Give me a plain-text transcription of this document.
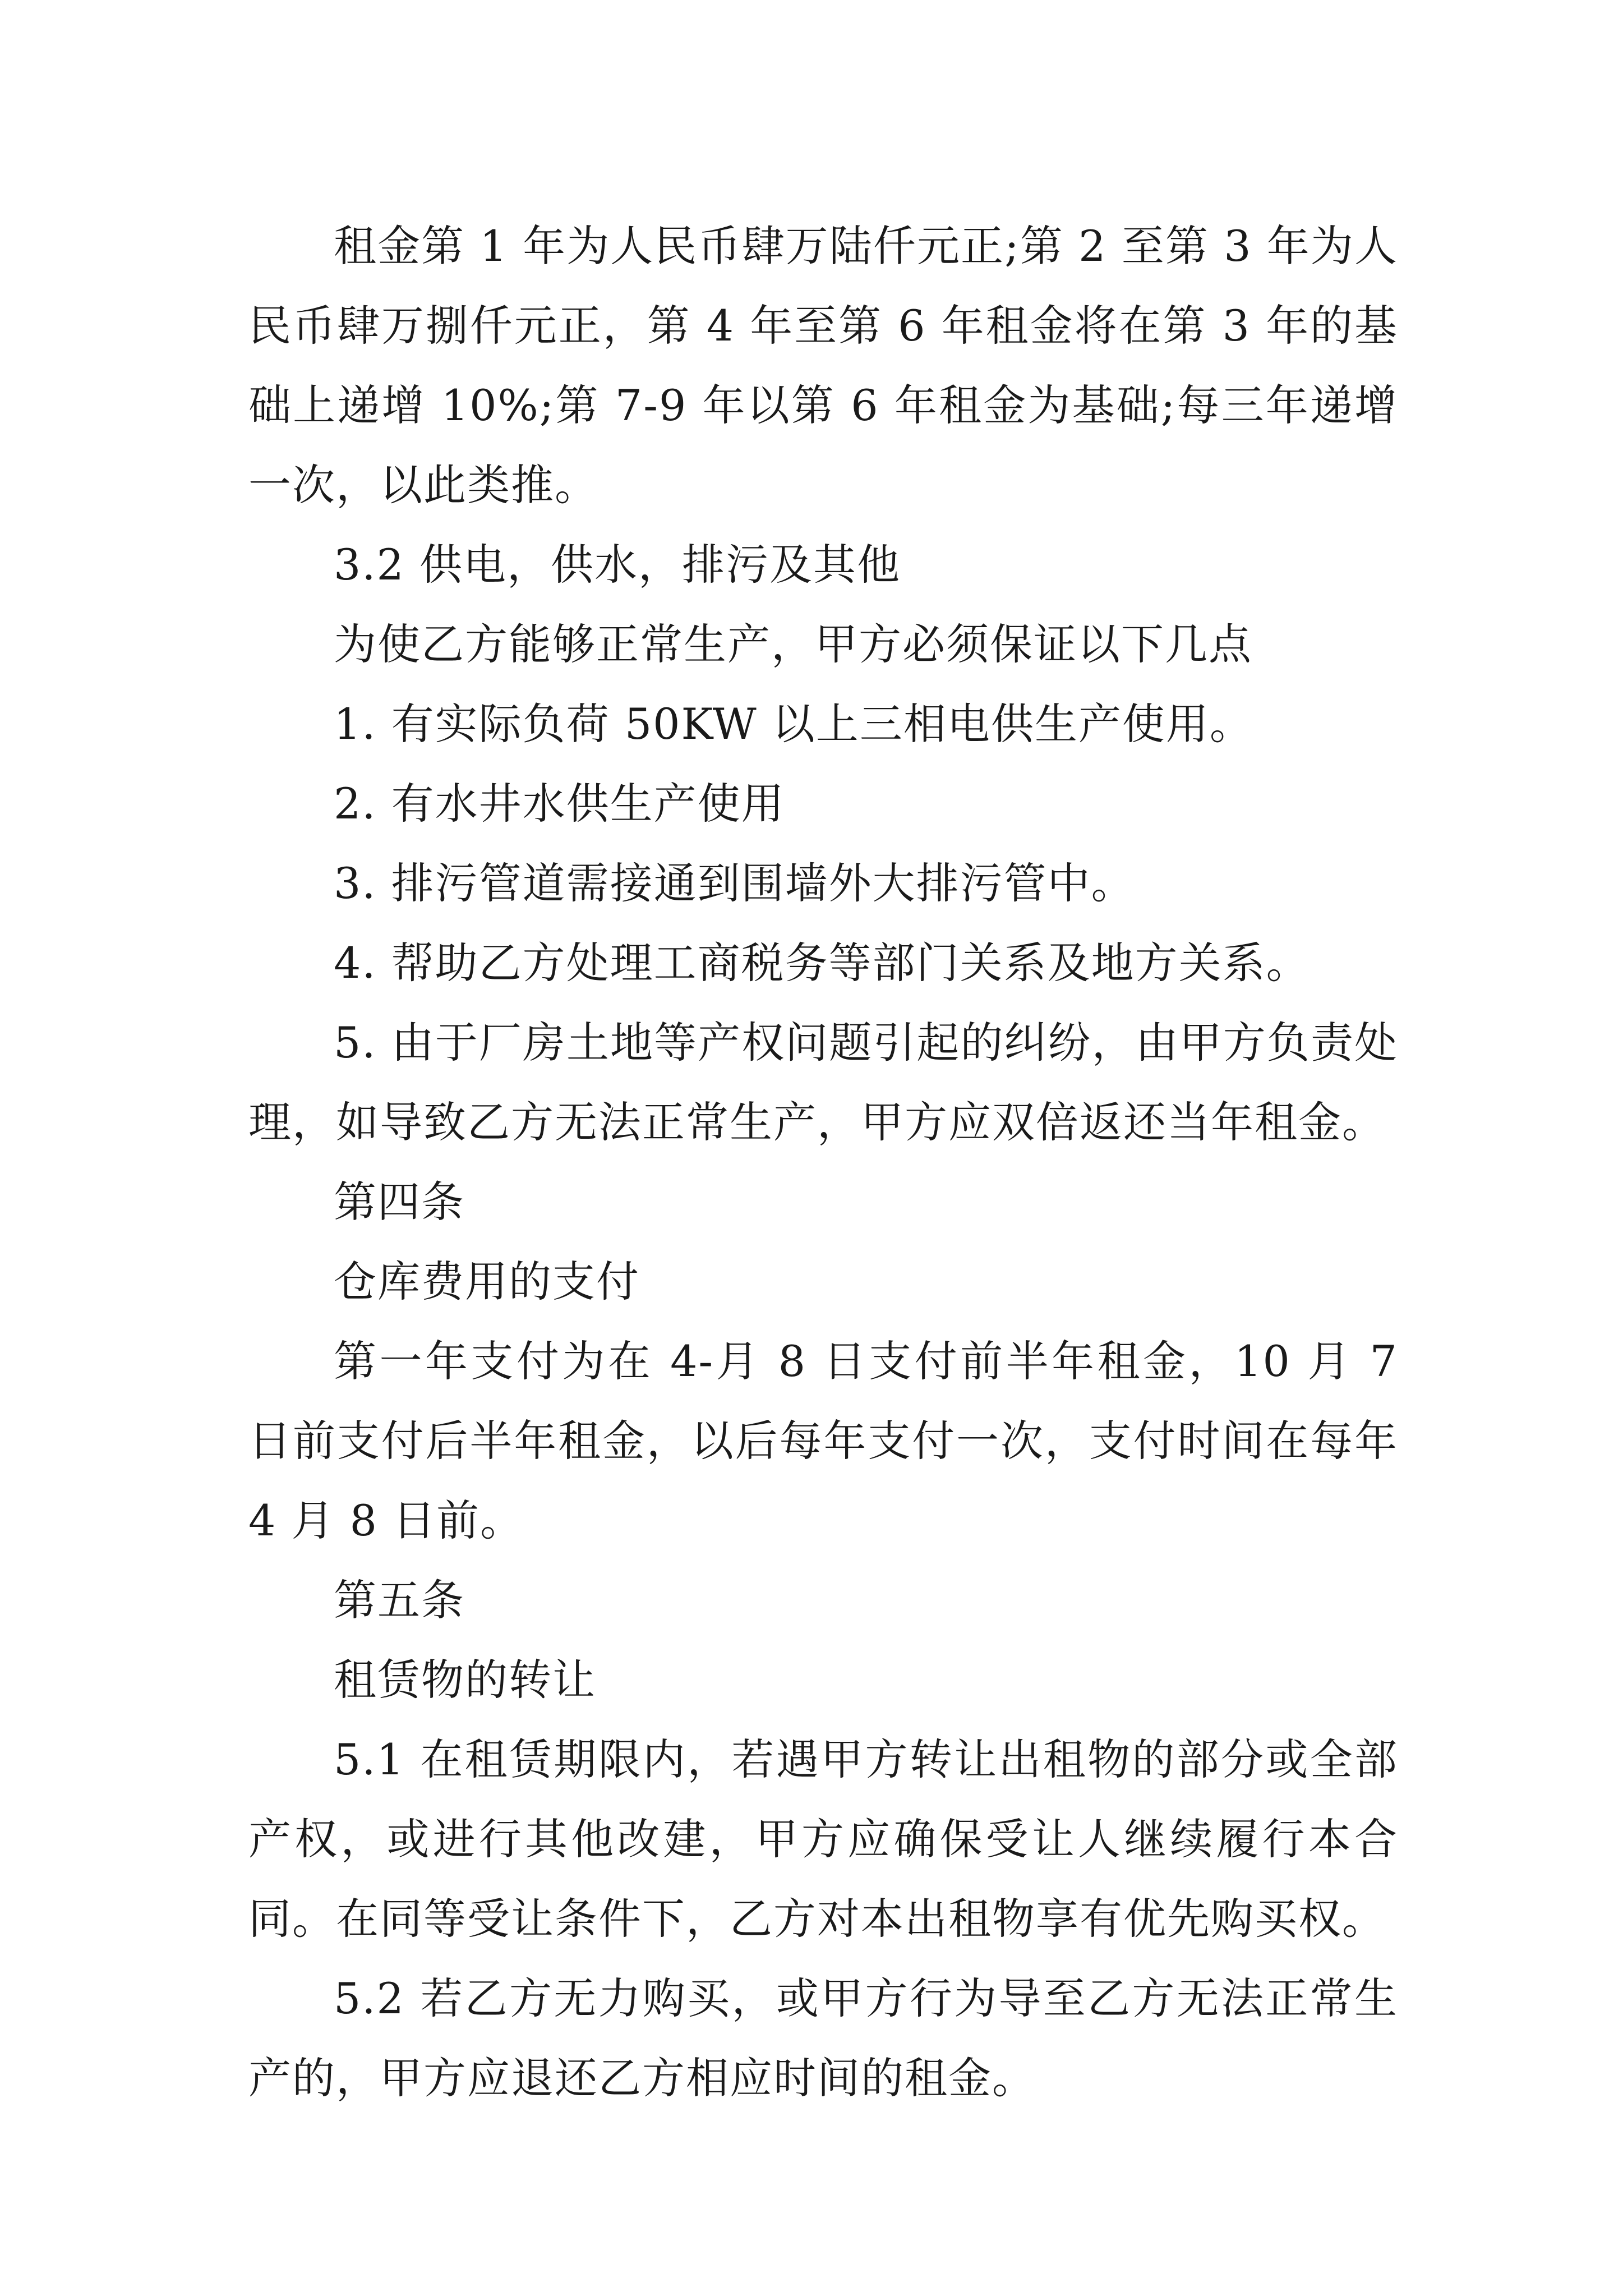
租金第 1 年为人民币肆万陆仟元正;第 2 至第 3 年为人民币肆万捌仟元正，第 4 年至第 6 年租金将在第 3 年的基础上递增 10%;第 7-9 年以第 6 年租金为基础;每三年递增一次，以此类推。

3.2 供电，供水，排污及其他

为使乙方能够正常生产，甲方必须保证以下几点

1. 有实际负荷 50KW 以上三相电供生产使用。

2. 有水井水供生产使用

3. 排污管道需接通到围墙外大排污管中。

4. 帮助乙方处理工商税务等部门关系及地方关系。

5. 由于厂房土地等产权问题引起的纠纷，由甲方负责处理，如导致乙方无法正常生产，甲方应双倍返还当年租金。

第四条

仓库费用的支付

第一年支付为在 4-月 8 日支付前半年租金，10 月 7 日前支付后半年租金，以后每年支付一次，支付时间在每年 4 月 8 日前。

第五条

租赁物的转让

5.1 在租赁期限内，若遇甲方转让出租物的部分或全部产权，或进行其他改建，甲方应确保受让人继续履行本合同。在同等受让条件下，乙方对本出租物享有优先购买权。

5.2 若乙方无力购买，或甲方行为导至乙方无法正常生产的，甲方应退还乙方相应时间的租金。
